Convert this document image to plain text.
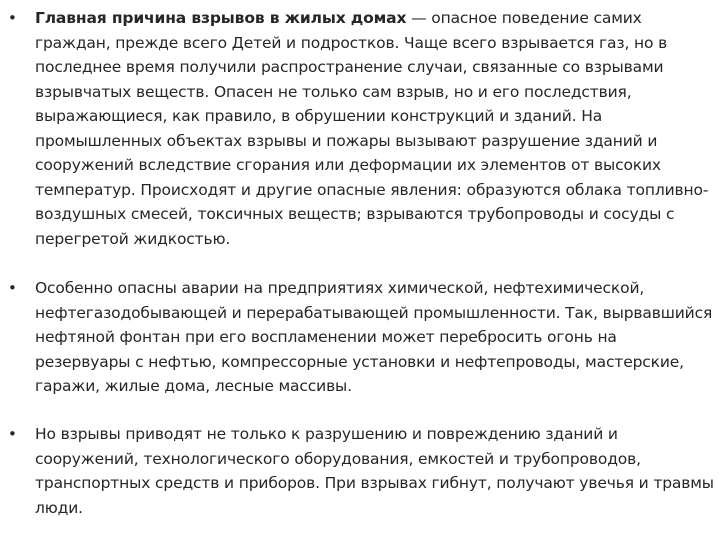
• Главная причина взрывов в жилых домах — опасное поведение самих граждан, прежде всего Детей и подростков. Чаще всего взрывается газ, но в последнее время получили распространение случаи, связанные со взрывами взрывчатых веществ. Опасен не только сам взрыв, но и его последствия, выражающиеся, как правило, в обрушении конструкций и зданий. На промышленных объектах взрывы и пожары вызывают разрушение зданий и сооружений вследствие сгорания или деформации их элементов от высоких температур. Происходят и другие опасные явления: образуются облака топливно-воздушных смесей, токсичных веществ; взрываются трубопроводы и сосуды с перегретой жидкостью.
• Особенно опасны аварии на предприятиях химической, нефтехимической, нефтегазодобывающей и перерабатывающей промышленности. Так, вырвавшийся нефтяной фонтан при его воспламенении может перебросить огонь на резервуары с нефтью, компрессорные установки и нефтепроводы, мастерские, гаражи, жилые дома, лесные массивы.
• Но взрывы приводят не только к разрушению и повреждению зданий и сооружений, технологического оборудования, емкостей и трубопроводов, транспортных средств и приборов. При взрывах гибнут, получают увечья и травмы люди.
